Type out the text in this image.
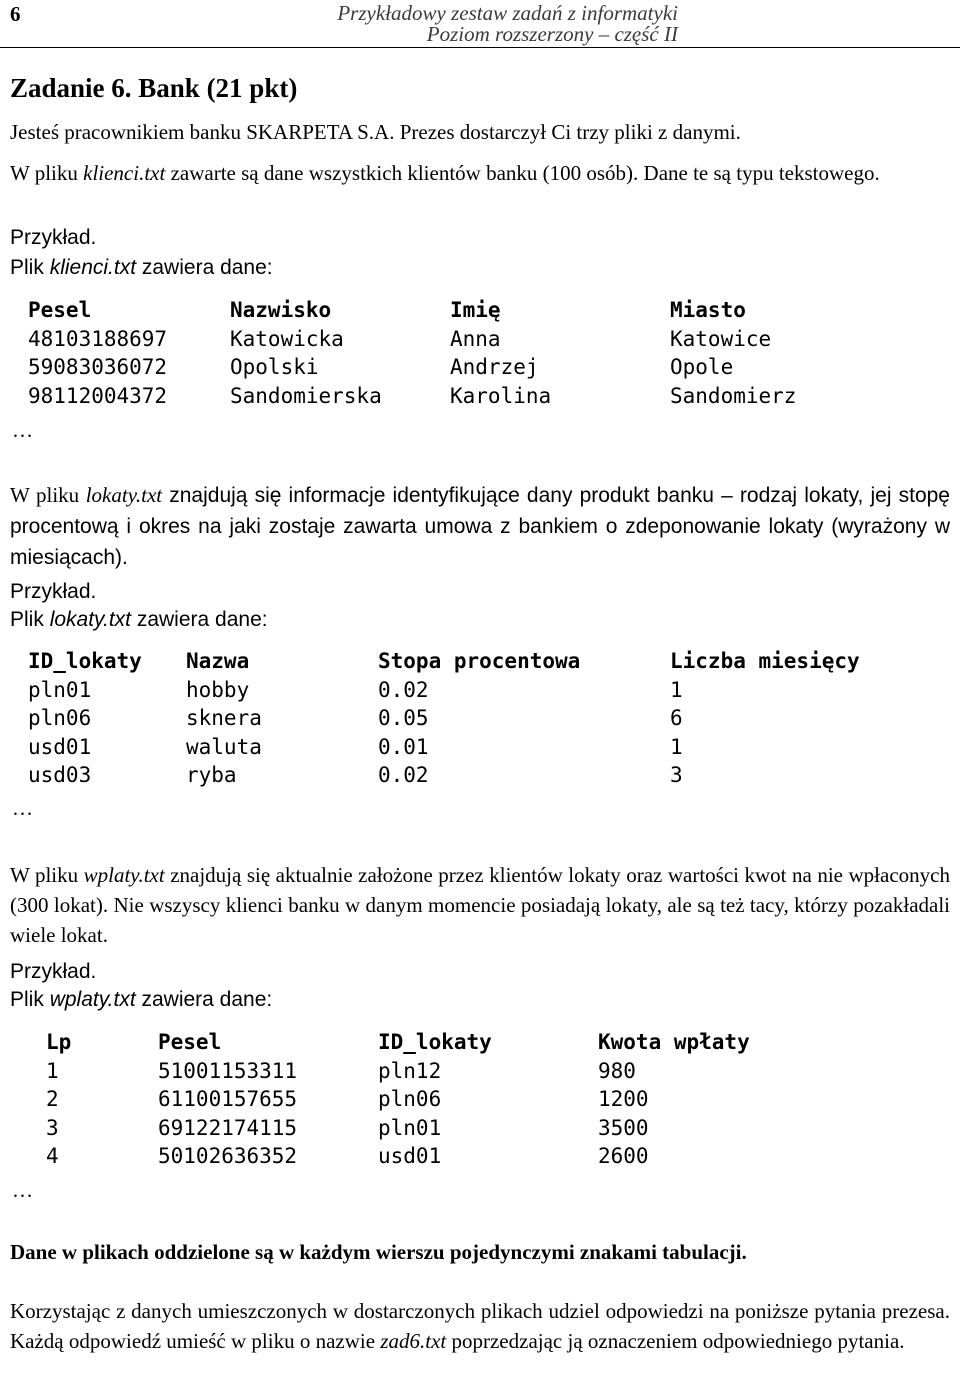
6	Przykładowy zestaw zadań z informatyki
Poziom rozszerzony – część II
Zadanie 6. Bank (21 pkt)
Jesteś pracownikiem banku SKARPETA S.A. Prezes dostarczył Ci trzy pliki z danymi.
W pliku klienci.txt zawarte są dane wszystkich klientów banku (100 osób). Dane te są typu tekstowego.
Przykład.
Plik klienci.txt zawiera dane:
Pesel	Nazwisko	Imię	Miasto
48103188697	Katowicka	Anna	Katowice
59083036072	Opolski	Andrzej	Opole
98112004372	Sandomierska	Karolina	Sandomierz
…
W pliku lokaty.txt znajdują się informacje identyfikujące dany produkt banku – rodzaj lokaty, jej stopę procentową i okres na jaki zostaje zawarta umowa z bankiem o zdeponowanie lokaty (wyrażony w miesiącach).
Przykład.
Plik lokaty.txt zawiera dane:
ID_lokaty Nazwa	Stopa procentowa	Liczba miesięcy
pln01	hobby	0.02	1
pln06	sknera	0.05	6
usd01	waluta	0.01	1
usd03	ryba	0.02	3
…
W pliku wplaty.txt znajdują się aktualnie założone przez klientów lokaty oraz wartości kwot na nie wpłaconych (300 lokat). Nie wszyscy klienci banku w danym momencie posiadają lokaty, ale są też tacy, którzy pozakładali wiele lokat.
Przykład.
Plik wplaty.txt zawiera dane:
Lp	Pesel	ID_lokaty	Kwota wpłaty
1	51001153311	pln12	980
2	61100157655	pln06	1200
3	69122174115	pln01	3500
4	50102636352	usd01	2600
…
Dane w plikach oddzielone są w każdym wierszu pojedynczymi znakami tabulacji.
Korzystając z danych umieszczonych w dostarczonych plikach udziel odpowiedzi na poniższe pytania prezesa. Każdą odpowiedź umieść w pliku o nazwie zad6.txt poprzedzając ją oznaczeniem odpowiedniego pytania.
